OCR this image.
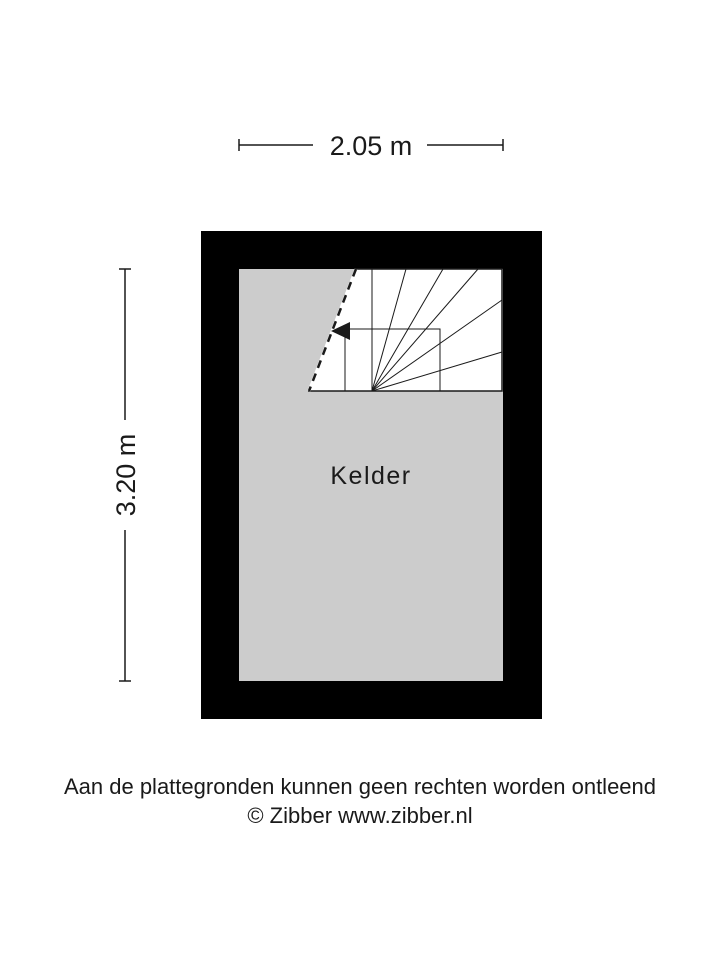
2.05 m
3.20 m	Kelder
Aan de plattegronden kunnen geen rechten worden ontleend
© Zibber www.zibber.nl
